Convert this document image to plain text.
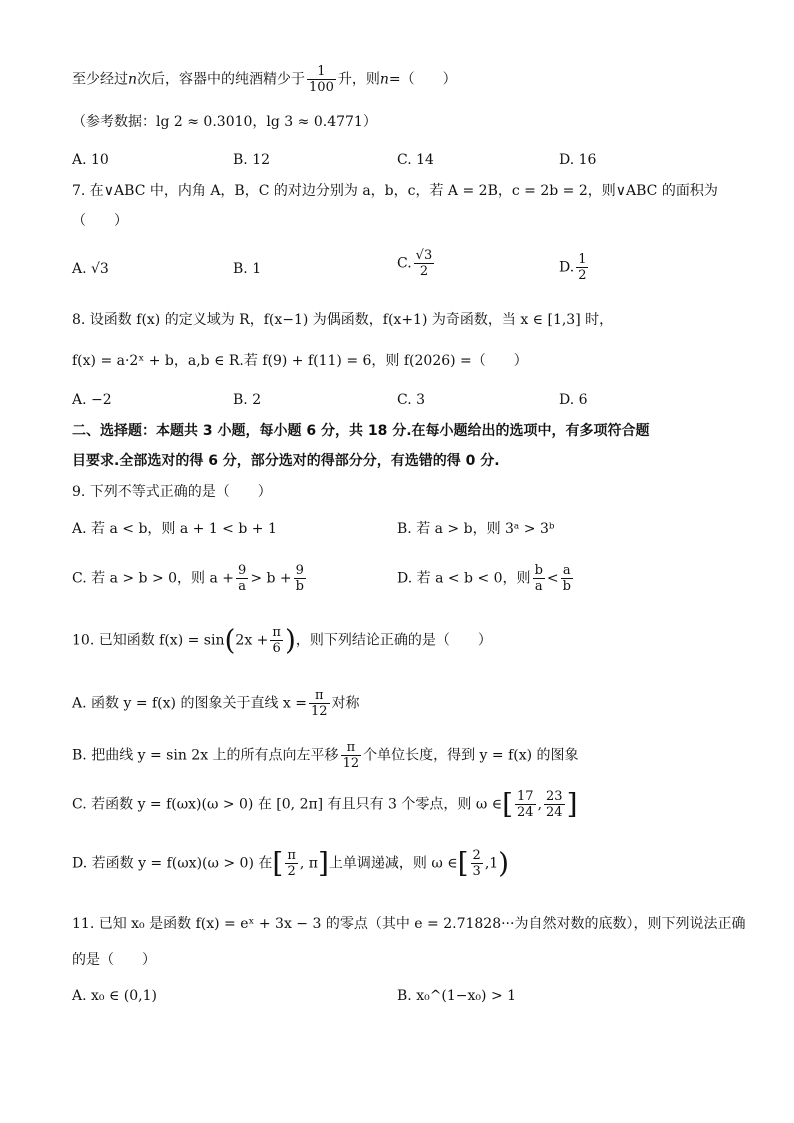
至少经过n次后，容器中的纯酒精少于 $\frac{1}{100}$ 升，则n=（　　）
（参考数据：lg 2 ≈ 0.3010，lg 3 ≈ 0.4771）
A. 10	B. 12	C. 14	D. 16
7. 在∨ABC 中，内角 A，B，C 的对边分别为 a，b，c，若 A = 2B，c = 2b = 2，则∨ABC 的面积为
（　　）
A. √3	B. 1	C. $\frac{√3}{2}$	D. $\frac{1}{2}$
8. 设函数 f(x) 的定义域为 R，f(x−1) 为偶函数，f(x+1) 为奇函数，当 x ∈ [1,3] 时，
f(x) = a·2ˣ + b，a,b ∈ R.若 f(9) + f(11) = 6，则 f(2026) =（　　）
A. −2	B. 2	C. 3	D. 6
二、选择题：本题共 3 小题，每小题 6 分，共 18 分.在每小题给出的选项中，有多项符合题
目要求.全部选对的得 6 分，部分选对的得部分分，有选错的得 0 分.
9. 下列不等式正确的是（　　）
A. 若 a < b，则 a + 1 < b + 1	B. 若 a > b，则 3ᵃ > 3ᵇ
C. 若 a > b > 0，则 $a + \frac{9}{a} > b + \frac{9}{b}$	D. 若 a < b < 0，则 $\frac{b}{a} < \frac{a}{b}$
10. 已知函数 $f(x) = \sin(2x + \frac{\pi}{6}$ )，则下列结论正确的是（　　）
A. 函数 y = f(x) 的图象关于直线 $x = \frac{\pi}{12}$ 对称
B. 把曲线 y = sin 2x 上的所有点向左平移 $\frac{\pi}{12}$ 个单位长度，得到 y = f(x) 的图象
C. 若函数 y = f(ωx)(ω > 0) 在 [0, 2π] 有且只有 3 个零点，则 ω ∈[ $\frac{17}{24}$ , $\frac{23}{24}$ ]
D. 若函数 y = f(ωx)(ω > 0) 在[ $\frac{\pi}{2}$ , π]上单调递减，则 ω ∈[ $\frac{2}{3} ,1$)
11. 已知 x₀ 是函数 f(x) = eˣ + 3x − 3 的零点（其中 e = 2.71828···为自然对数的底数），则下列说法正确
的是（　　）
A. x₀ ∈ (0,1)	B. x₀^(1−x₀) > 1
